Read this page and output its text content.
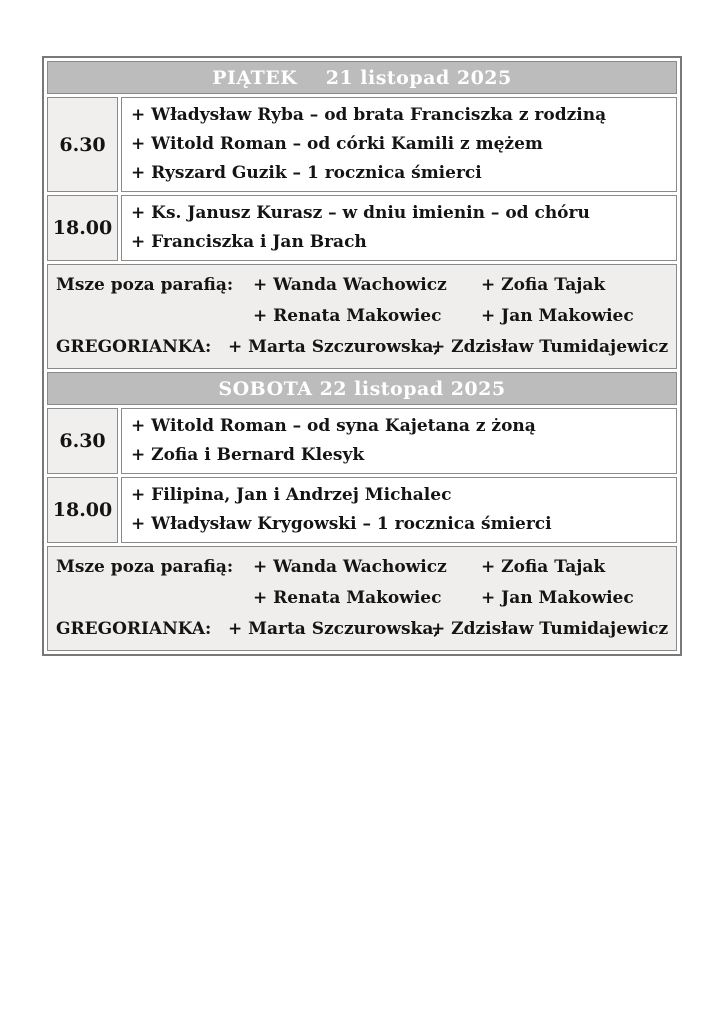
PIĄTEK    21 listopad 2025	
6.30	+ Władysław Ryba – od brata Franciszka z rodziną
+ Witold Roman – od córki Kamili z mężem
+ Ryszard Guzik – 1 rocznica śmierci

18.00	+ Ks. Janusz Kurasz – w dniu imienin – od chóru
+ Franciszka i Jan Brach

Msze poza parafią: + Wanda Wachowicz + Zofia Tajak
+ Renata Makowiec + Jan Makowiec
GREGORIANKA: + Marta Szczurowska,+ Zdzisław Tumidajewicz	

SOBOTA 22 listopad 2025	
6.30	+ Witold Roman – od syna Kajetana z żoną
+ Zofia i Bernard Klesyk

18.00	+ Filipina, Jan i Andrzej Michalec
+ Władysław Krygowski – 1 rocznica śmierci

Msze poza parafią: + Wanda Wachowicz + Zofia Tajak
+ Renata Makowiec + Jan Makowiec
GREGORIANKA: + Marta Szczurowska,+ Zdzisław Tumidajewicz	
